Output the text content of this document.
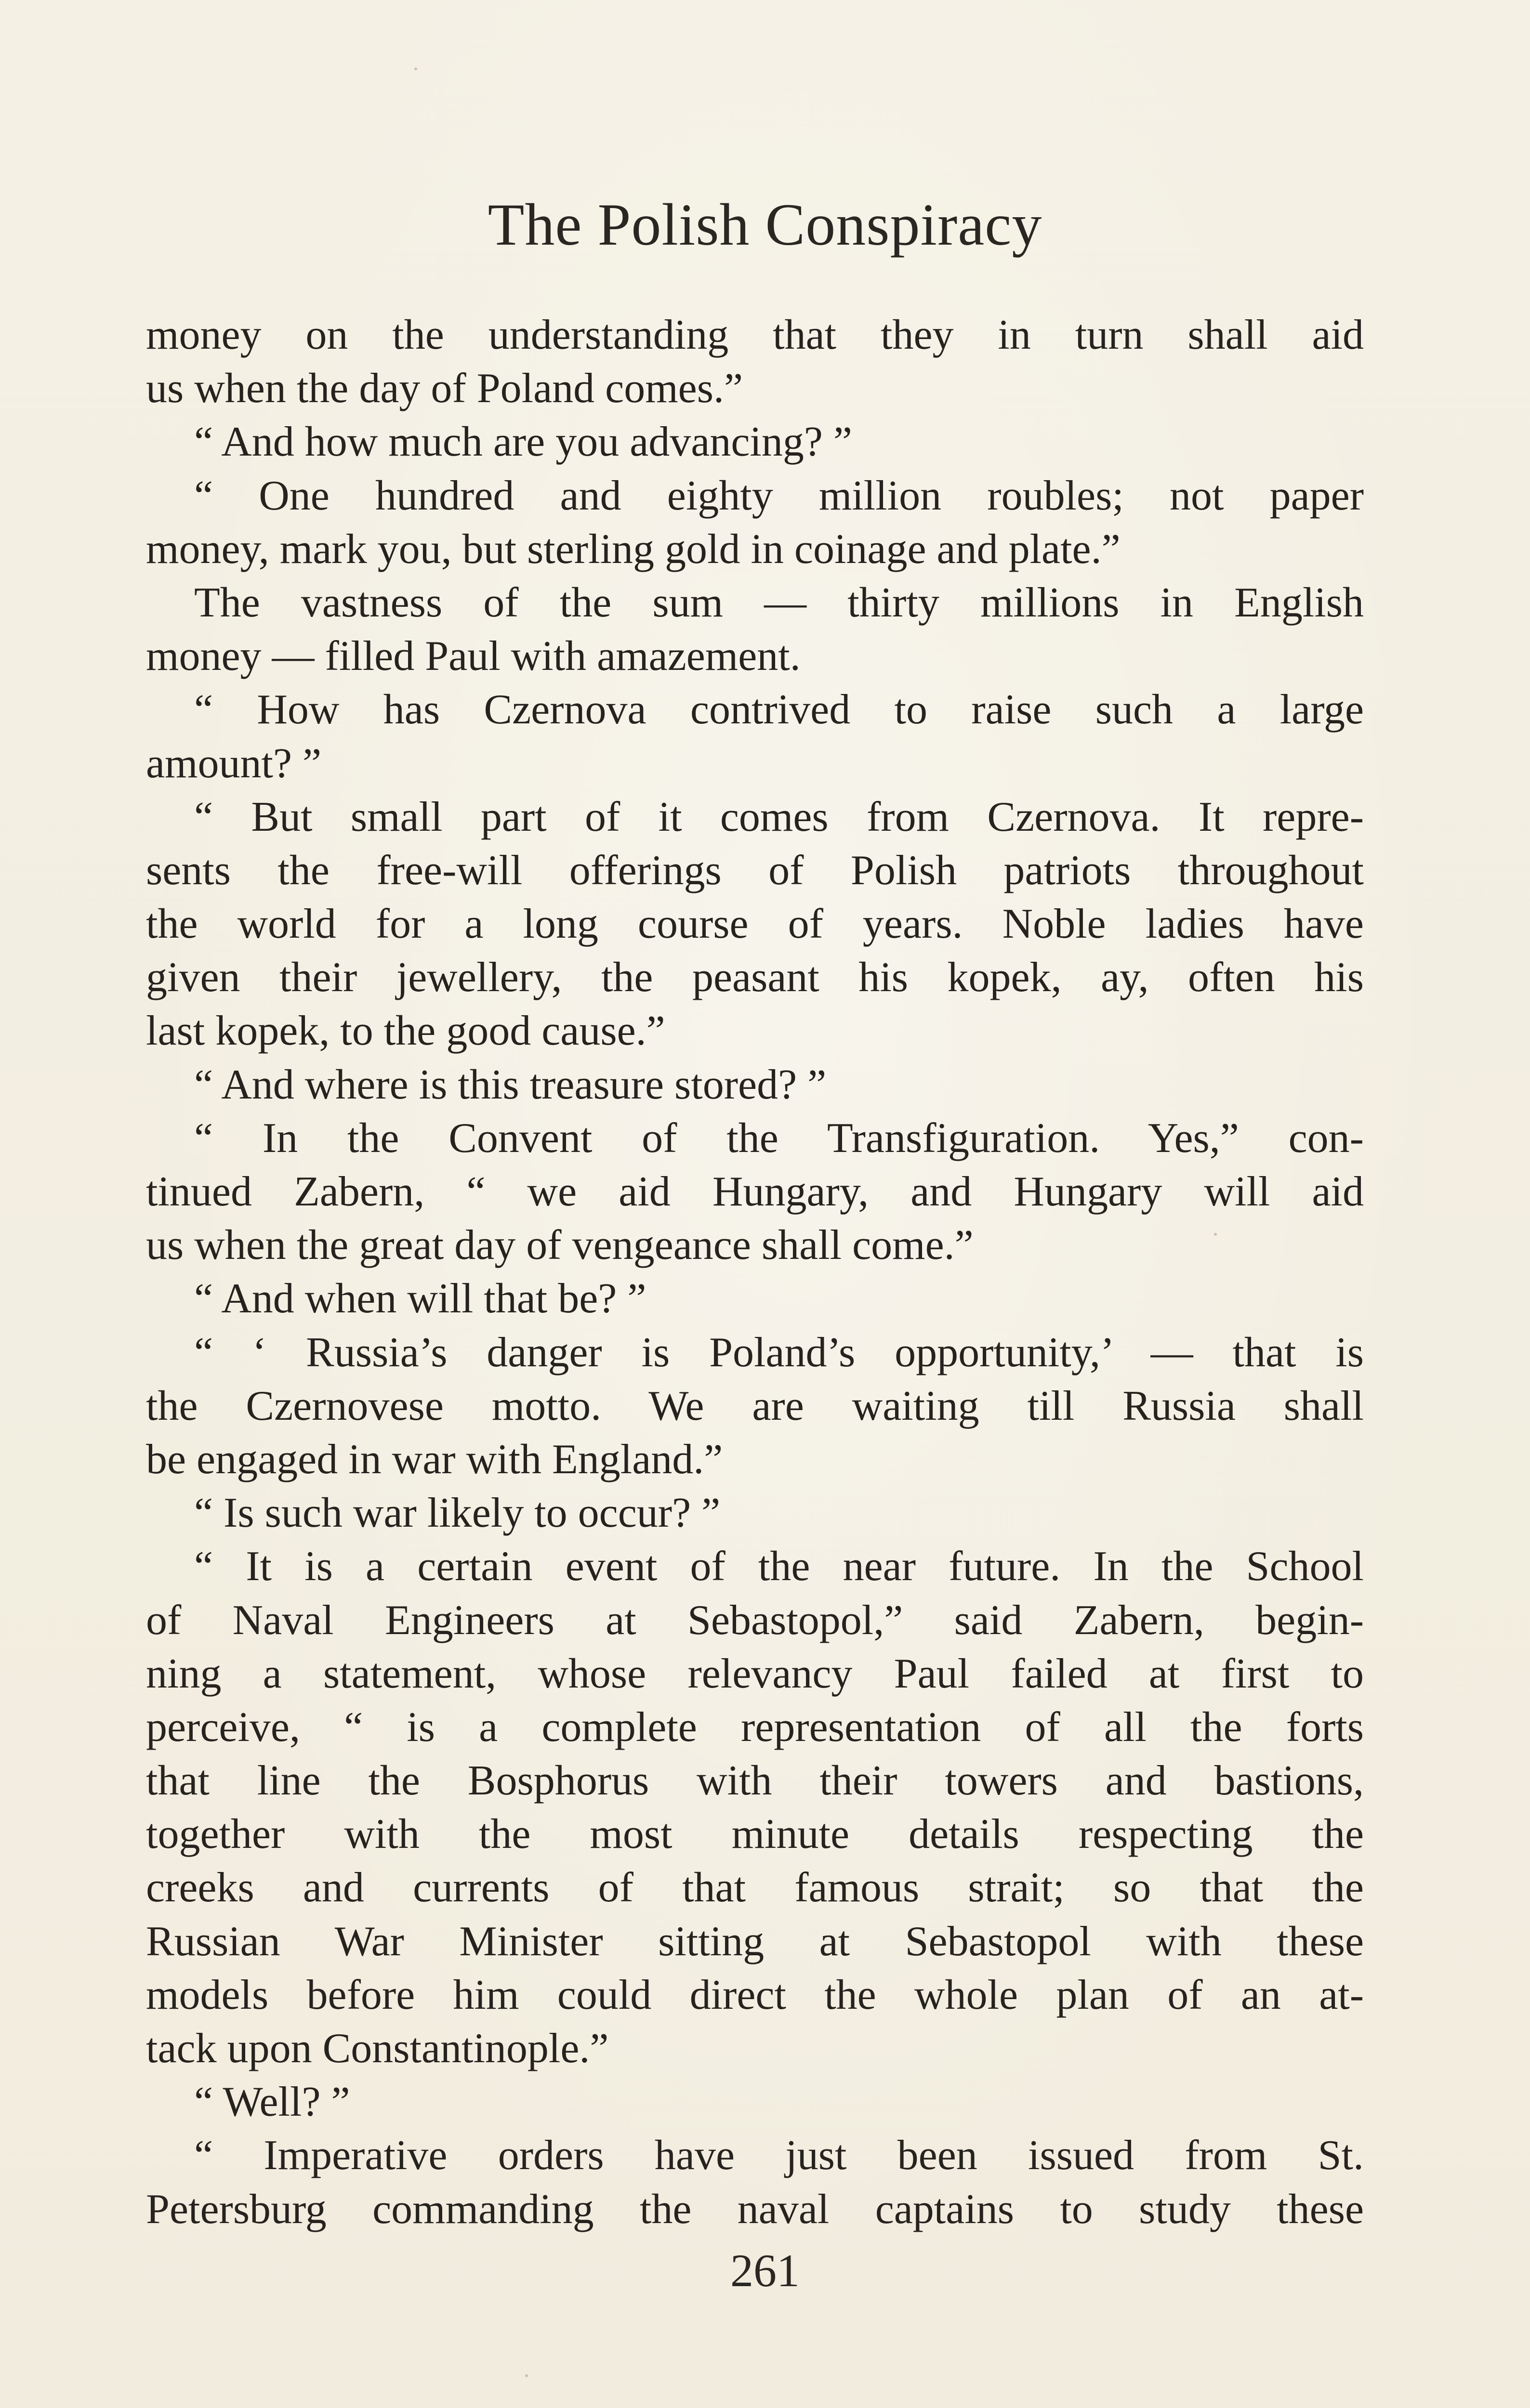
The Polish Conspiracy
money on the understanding that they in turn shall aid
us when the day of Poland comes.”
“ And how much are you advancing? ”
“ One hundred and eighty million roubles; not paper
money, mark you, but sterling gold in coinage and plate.”
The vastness of the sum — thirty millions in English
money — filled Paul with amazement.
“ How has Czernova contrived to raise such a large
amount? ”
“ But small part of it comes from Czernova. It repre-
sents the free-will offerings of Polish patriots throughout
the world for a long course of years. Noble ladies have
given their jewellery, the peasant his kopek, ay, often his
last kopek, to the good cause.”
“ And where is this treasure stored? ”
“ In the Convent of the Transfiguration. Yes,” con-
tinued Zabern, “ we aid Hungary, and Hungary will aid
us when the great day of vengeance shall come.”
“ And when will that be? ”
“ ‘ Russia’s danger is Poland’s opportunity,’ — that is
the Czernovese motto. We are waiting till Russia shall
be engaged in war with England.”
“ Is such war likely to occur? ”
“ It is a certain event of the near future. In the School
of Naval Engineers at Sebastopol,” said Zabern, begin-
ning a statement, whose relevancy Paul failed at first to
perceive, “ is a complete representation of all the forts
that line the Bosphorus with their towers and bastions,
together with the most minute details respecting the
creeks and currents of that famous strait; so that the
Russian War Minister sitting at Sebastopol with these
models before him could direct the whole plan of an at-
tack upon Constantinople.”
“ Well? ”
“ Imperative orders have just been issued from St.
Petersburg commanding the naval captains to study these
261
